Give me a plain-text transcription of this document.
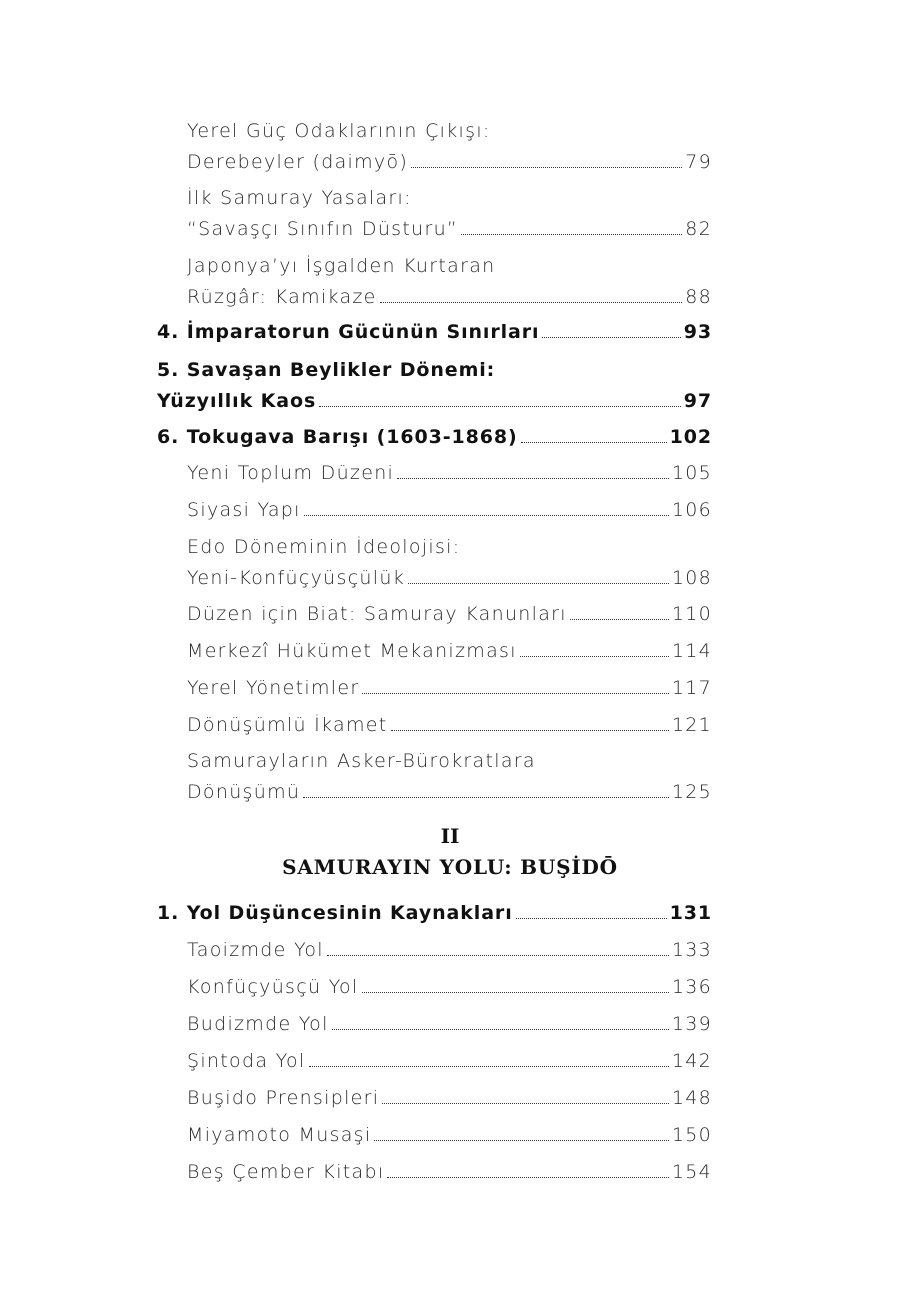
Yerel Güç Odaklarının Çıkışı:
Derebeyler (daimyō)	79
İlk Samuray Yasaları:
“Savaşçı Sınıfın Düsturu”	82
Japonya’yı İşgalden Kurtaran
Rüzgâr: Kamikaze	88
4. İmparatorun Gücünün Sınırları	93
5. Savaşan Beylikler Dönemi:
Yüzyıllık Kaos	97
6. Tokugava Barışı (1603-1868)	102
Yeni Toplum Düzeni	105
Siyasi Yapı	106
Edo Döneminin İdeolojisi:
Yeni-Konfüçyüsçülük	108
Düzen için Biat: Samuray Kanunları	110
Merkezî Hükümet Mekanizması	114
Yerel Yönetimler	117
Dönüşümlü İkamet	121
Samurayların Asker-Bürokratlara
Dönüşümü	125
1. Yol Düşüncesinin Kaynakları	131
Taoizmde Yol	133
Konfüçyüsçü Yol	136
Budizmde Yol	139
Şintoda Yol	142
Buşido Prensipleri	148
Miyamoto Musaşi	150
Beş Çember Kitabı	154
II
SAMURAYIN YOLU: BUŞİDŌ
